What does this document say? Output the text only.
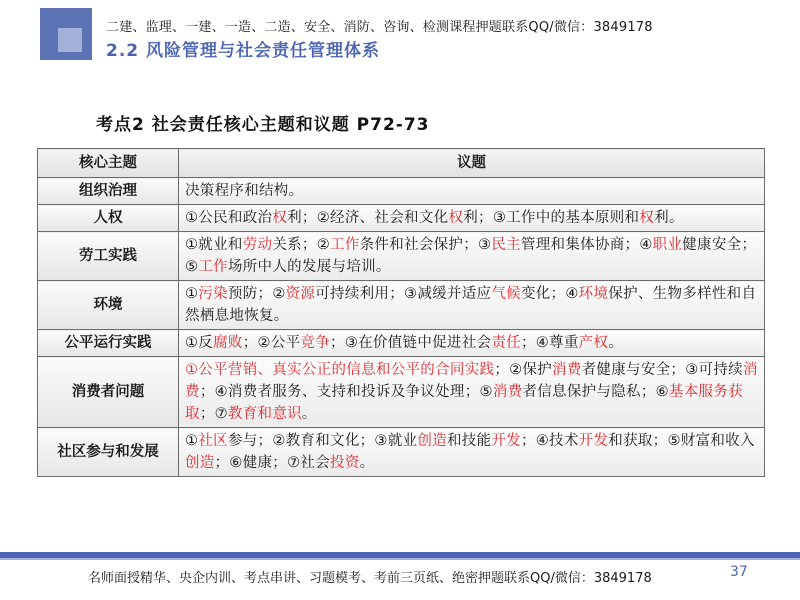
二建、监理、一建、一造、二造、安全、消防、咨询、检测课程押题联系QQ/微信：3849178
2.2 风险管理与社会责任管理体系
考点2 社会责任核心主题和议题 P72-73
核心主题	议题
组织治理	决策程序和结构。
人权	①公民和政治权利；②经济、社会和文化权利；③工作中的基本原则和权利。
劳工实践	①就业和劳动关系；②工作条件和社会保护；③民主管理和集体协商；④职业健康安全；⑤工作场所中人的发展与培训。
环境	①污染预防；②资源可持续利用；③减缓并适应气候变化；④环境保护、生物多样性和自然栖息地恢复。
公平运行实践	①反腐败；②公平竞争；③在价值链中促进社会责任；④尊重产权。
消费者问题	①公平营销、真实公正的信息和公平的合同实践；②保护消费者健康与安全；③可持续消费；④消费者服务、支持和投诉及争议处理；⑤消费者信息保护与隐私；⑥基本服务获取；⑦教育和意识。
社区参与和发展	①社区参与；②教育和文化；③就业创造和技能开发；④技术开发和获取；⑤财富和收入创造；⑥健康；⑦社会投资。
名师面授精华、央企内训、考点串讲、习题模考、考前三页纸、绝密押题联系QQ/微信：3849178	37
